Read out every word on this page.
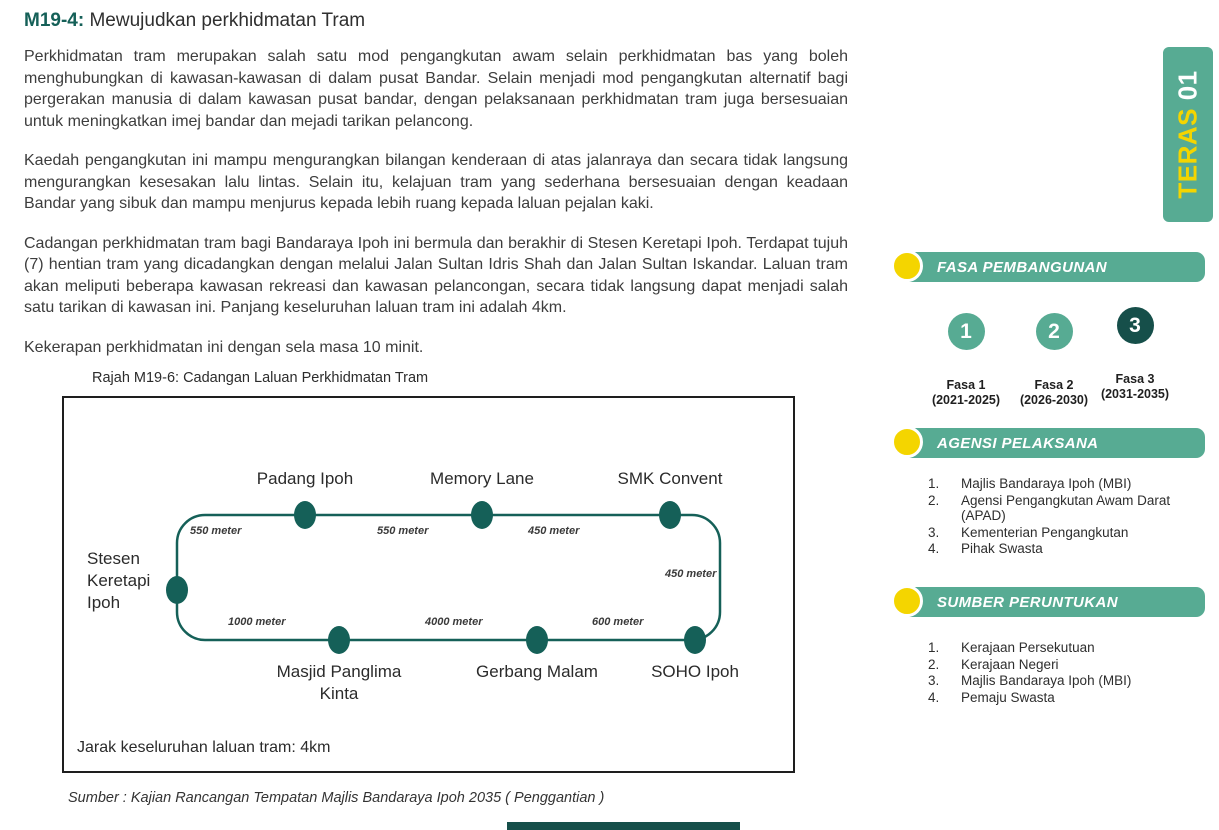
M19-4: Mewujudkan perkhidmatan Tram

Perkhidmatan tram merupakan salah satu mod pengangkutan awam selain perkhidmatan bas yang boleh menghubungkan di kawasan-kawasan di dalam pusat Bandar. Selain menjadi mod pengangkutan alternatif bagi pergerakan manusia di dalam kawasan pusat bandar, dengan pelaksanaan perkhidmatan tram juga bersesuaian untuk meningkatkan imej bandar dan mejadi tarikan pelancong.

Kaedah pengangkutan ini mampu mengurangkan bilangan kenderaan di atas jalanraya dan secara tidak langsung mengurangkan kesesakan lalu lintas. Selain itu, kelajuan tram yang sederhana bersesuaian dengan keadaan Bandar yang sibuk dan mampu menjurus kepada lebih ruang kepada laluan pejalan kaki.

Cadangan perkhidmatan tram bagi Bandaraya Ipoh ini bermula dan berakhir di Stesen Keretapi Ipoh. Terdapat tujuh (7) hentian tram yang dicadangkan dengan melalui Jalan Sultan Idris Shah dan Jalan Sultan Iskandar. Laluan tram akan meliputi beberapa kawasan rekreasi dan kawasan pelancongan, secara tidak langsung dapat menjadi salah satu tarikan di kawasan ini. Panjang keseluruhan laluan tram ini adalah 4km.

Kekerapan perkhidmatan ini dengan sela masa 10 minit.

Rajah M19-6: Cadangan Laluan Perkhidmatan Tram
Padang Ipoh	Memory Lane	SMK Convent
Stesen Keretapi Ipoh
Masjid Panglima Kinta
Gerbang Malam	SOHO Ipoh
550 meter	550 meter	450 meter
450 meter
1000 meter	4000 meter	600 meter
Jarak keseluruhan laluan tram: 4km
Sumber : Kajian Rancangan Tempatan Majlis Bandaraya Ipoh 2035 ( Penggantian )
TERAS 01
FASA PEMBANGUNAN
1
Fasa 1
(2021-2025)
2
Fasa 2
(2026-2030)
3
Fasa 3
(2031-2035)
AGENSI PELAKSANA
1.	Majlis Bandaraya Ipoh (MBI)
2.	Agensi Pengangkutan Awam Darat (APAD)
3.	Kementerian Pengangkutan
4.	Pihak Swasta
SUMBER PERUNTUKAN
1.	Kerajaan Persekutuan
2.	Kerajaan Negeri
3.	Majlis Bandaraya Ipoh (MBI)
4.	Pemaju Swasta
